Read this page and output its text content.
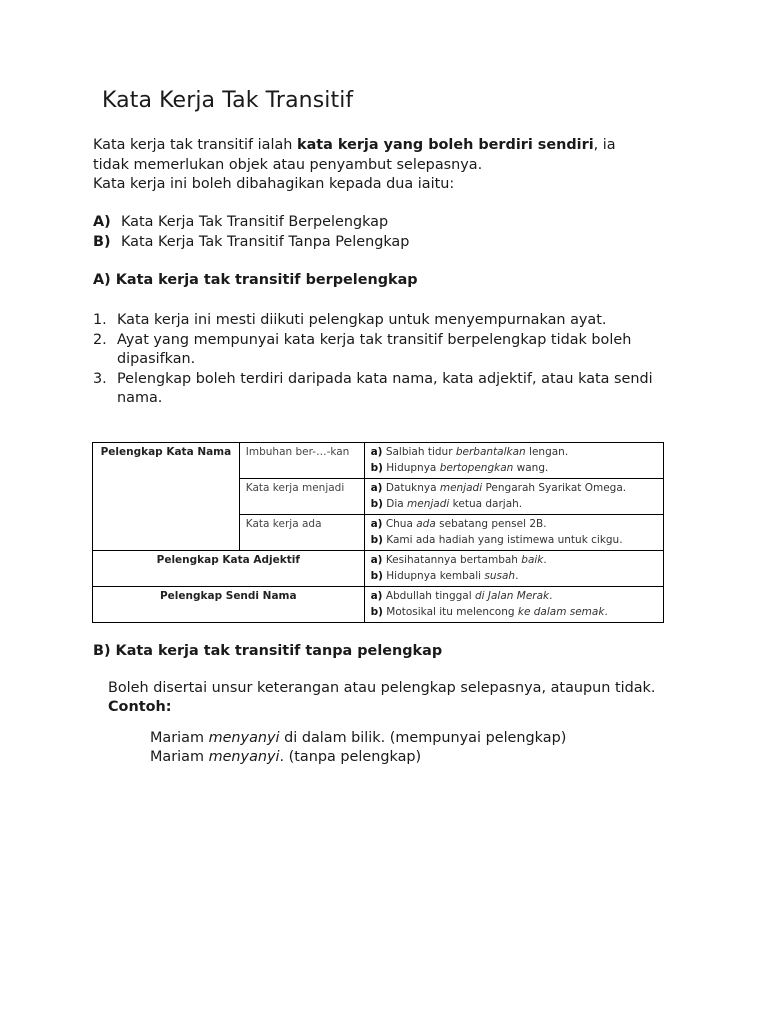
Kata Kerja Tak Transitif

Kata kerja tak transitif ialah kata kerja yang boleh berdiri sendiri, ia

tidak memerlukan objek atau penyambut selepasnya.

Kata kerja ini boleh dibahagikan kepada dua iaitu:

A) Kata Kerja Tak Transitif Berpelengkap
B) Kata Kerja Tak Transitif Tanpa Pelengkap
A) Kata kerja tak transitif berpelengkap
1. Kata kerja ini mesti diikuti pelengkap untuk menyempurnakan ayat.
2. Ayat yang mempunyai kata kerja tak transitif berpelengkap tidak boleh dipasifkan.
3. Pelengkap boleh terdiri daripada kata nama, kata adjektif, atau kata sendi nama.
Pelengkap Kata Nama	Imbuhan ber-…-kan	a) Salbiah tidur berbantalkan lengan.
b) Hidupnya bertopengkan wang.

	Kata kerja menjadi	a) Datuknya menjadi Pengarah Syarikat Omega.
b) Dia menjadi ketua darjah.

	Kata kerja ada	a) Chua ada sebatang pensel 2B.
b) Kami ada hadiah yang istimewa untuk cikgu.

Pelengkap Kata Adjektif		a) Kesihatannya bertambah baik.
b) Hidupnya kembali susah.

Pelengkap Sendi Nama		a) Abdullah tinggal di Jalan Merak.
b) Motosikal itu melencong ke dalam semak.
B) Kata kerja tak transitif tanpa pelengkap
Boleh disertai unsur keterangan atau pelengkap selepasnya, ataupun tidak.
Contoh:
Mariam menyanyi di dalam bilik. (mempunyai pelengkap)
Mariam menyanyi. (tanpa pelengkap)
